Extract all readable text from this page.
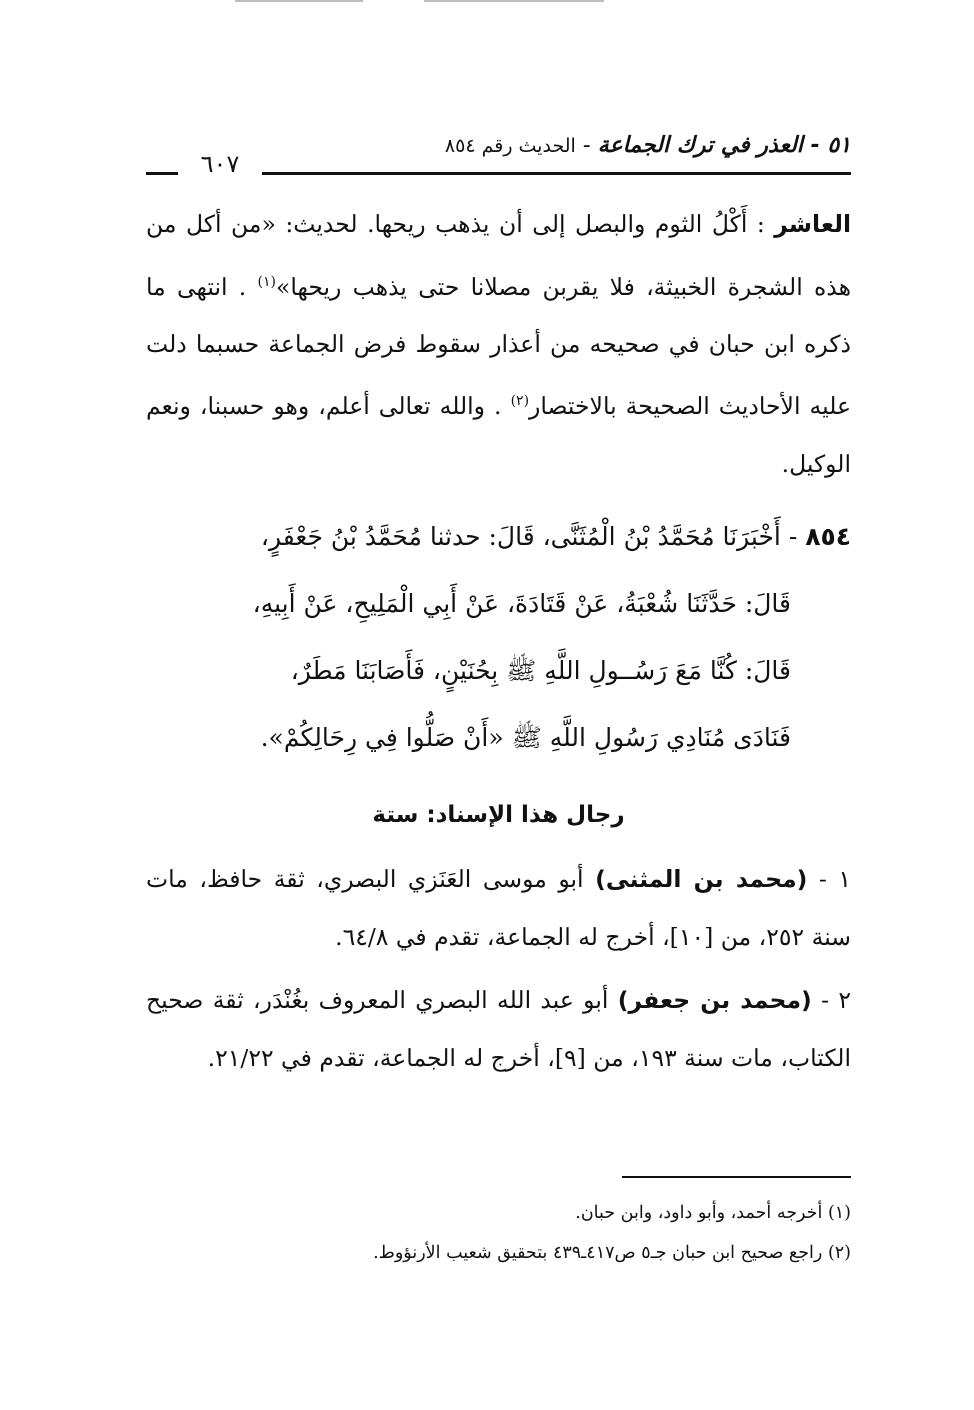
٥١ - العذر في ترك الجماعة - الحديث رقم ٨٥٤
٦٠٧

العاشر : أَكْلُ الثوم والبصل إلى أن يذهب ريحها. لحديث: «من أكل من هذه الشجرة الخبيثة، فلا يقربن مصلانا حتى يذهب ريحها»$^{(١)}$ . انتهى ما ذكره ابن حبان في صحيحه من أعذار سقوط فرض الجماعة حسبما دلت عليه الأحاديث الصحيحة بالاختصار$^{(٢)}$ . والله تعالى أعلم، وهو حسبنا، ونعم الوكيل.

٨٥٤ - أَخْبَرَنَا مُحَمَّدُ بْنُ الْمُثَنَّى، قَالَ: حدثنا مُحَمَّدُ بْنُ جَعْفَرٍ،
قَالَ: حَدَّثَنَا شُعْبَةُ، عَنْ قَتَادَةَ، عَنْ أَبِي الْمَلِيحِ، عَنْ أَبِيهِ،
قَالَ: كُنَّا مَعَ رَسُــولِ اللَّهِ ﷺ بِحُنَيْنٍ، فَأَصَابَنَا مَطَرٌ،
فَنَادَى مُنَادِي رَسُولِ اللَّهِ ﷺ «أَنْ صَلُّوا فِي رِحَالِكُمْ».
رجال هذا الإسناد: ستة

١ - (محمد بن المثنى) أبو موسى العَنَزي البصري، ثقة حافظ، مات سنة ٢٥٢، من [١٠]، أخرج له الجماعة، تقدم في ٦٤/٨.

٢ - (محمد بن جعفر) أبو عبد الله البصري المعروف بغُنْدَر، ثقة صحيح الكتاب، مات سنة ١٩٣، من [٩]، أخرج له الجماعة، تقدم في ٢١/٢٢.

(١) أخرجه أحمد، وأبو داود، وابن حبان.
(٢) راجع صحيح ابن حبان جـ٥ ص٤١٧ـ٤٣٩ بتحقيق شعيب الأرنؤوط.
